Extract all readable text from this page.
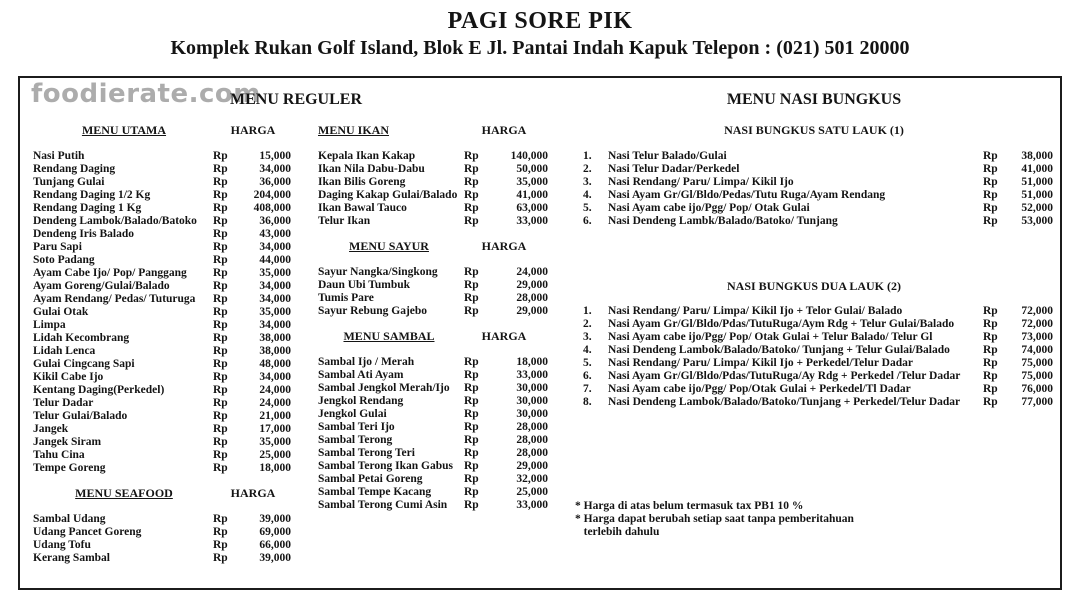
PAGI SORE PIK
Komplek Rukan Golf Island, Blok E Jl. Pantai Indah Kapuk Telepon : (021) 501 20000
foodierate.com
MENU REGULER	MENU NASI BUNGKUS
MENU UTAMA	HARGA
Nasi Putih	Rp	15,000
Rendang Daging	Rp	34,000
Tunjang Gulai	Rp	36,000
Rendang Daging 1/2 Kg	Rp	204,000
Rendang Daging 1 Kg	Rp	408,000
Dendeng Lambok/Balado/Batoko	Rp	36,000
Dendeng Iris Balado	Rp	43,000
Paru Sapi	Rp	34,000
Soto Padang	Rp	44,000
Ayam Cabe Ijo/ Pop/ Panggang	Rp	35,000
Ayam Goreng/Gulai/Balado	Rp	34,000
Ayam Rendang/ Pedas/ Tuturuga	Rp	34,000
Gulai Otak	Rp	35,000
Limpa	Rp	34,000
Lidah Kecombrang	Rp	38,000
Lidah Lenca	Rp	38,000
Gulai Cingcang Sapi	Rp	48,000
Kikil Cabe Ijo	Rp	34,000
Kentang Daging(Perkedel)	Rp	24,000
Telur Dadar	Rp	24,000
Telur Gulai/Balado	Rp	21,000
Jangek	Rp	17,000
Jangek Siram	Rp	35,000
Tahu Cina	Rp	25,000
Tempe Goreng	Rp	18,000
MENU SEAFOOD	HARGA
Sambal Udang	Rp	39,000
Udang Pancet Goreng	Rp	69,000
Udang Tofu	Rp	66,000
Kerang Sambal	Rp	39,000
MENU IKAN	HARGA
Kepala Ikan Kakap	Rp	140,000
Ikan Nila Dabu-Dabu	Rp	50,000
Ikan Bilis Goreng	Rp	35,000
Daging Kakap Gulai/Balado Rp	41,000
Ikan Bawal Tauco	Rp	63,000
Telur Ikan	Rp	33,000
MENU SAYUR	HARGA
Sayur Nangka/Singkong	Rp	24,000
Daun Ubi Tumbuk	Rp	29,000
Tumis Pare	Rp	28,000
Sayur Rebung Gajebo	Rp	29,000
MENU SAMBAL	HARGA
Sambal Ijo / Merah	Rp	18,000
Sambal Ati Ayam	Rp	33,000
Sambal Jengkol Merah/Ijo	Rp	30,000
Jengkol Rendang	Rp	30,000
Jengkol Gulai	Rp	30,000
Sambal Teri Ijo	Rp	28,000
Sambal Terong	Rp	28,000
Sambal Terong Teri	Rp	28,000
Sambal Terong Ikan Gabus Rp	29,000
Sambal Petai Goreng	Rp	32,000
Sambal Tempe Kacang	Rp	25,000
Sambal Terong Cumi Asin	Rp	33,000
NASI BUNGKUS SATU LAUK (1)
1.	Nasi Telur Balado/Gulai	Rp	38,000
2.	Nasi Telur Dadar/Perkedel	Rp	41,000
3.	Nasi Rendang/ Paru/ Limpa/ Kikil Ijo	Rp	51,000
4.	Nasi Ayam Gr/Gl/Bldo/Pedas/Tutu Ruga/Ayam Rendang	Rp	51,000
5.	Nasi Ayam cabe ijo/Pgg/ Pop/ Otak Gulai	Rp	52,000
6.	Nasi Dendeng Lambk/Balado/Batoko/ Tunjang	Rp	53,000
NASI BUNGKUS DUA LAUK (2)
1.	Nasi Rendang/ Paru/ Limpa/ Kikil Ijo + Telor Gulai/ Balado	Rp	72,000
2.	Nasi Ayam Gr/Gl/Bldo/Pdas/TutuRuga/Aym Rdg + Telur Gulai/Balado	Rp	72,000
3.	Nasi Ayam cabe ijo/Pgg/ Pop/ Otak Gulai + Telur Balado/ Telur Gl	Rp	73,000
4.	Nasi Dendeng Lambok/Balado/Batoko/ Tunjang + Telur Gulai/Balado	Rp	74,000
5.	Nasi Rendang/ Paru/ Limpa/ Kikil Ijo + Perkedel/Telur Dadar	Rp	75,000
6.	Nasi Ayam Gr/Gl/Bldo/Pdas/TutuRuga/Ay Rdg + Perkedel /Telur Dadar	Rp	75,000
7.	Nasi Ayam cabe ijo/Pgg/ Pop/Otak Gulai + Perkedel/Tl Dadar	Rp	76,000
8.	Nasi Dendeng Lambok/Balado/Batoko/Tunjang + Perkedel/Telur Dadar	Rp	77,000
* Harga di atas belum termasuk tax PB1 10 %
* Harga dapat berubah setiap saat tanpa pemberitahuan
terlebih dahulu
